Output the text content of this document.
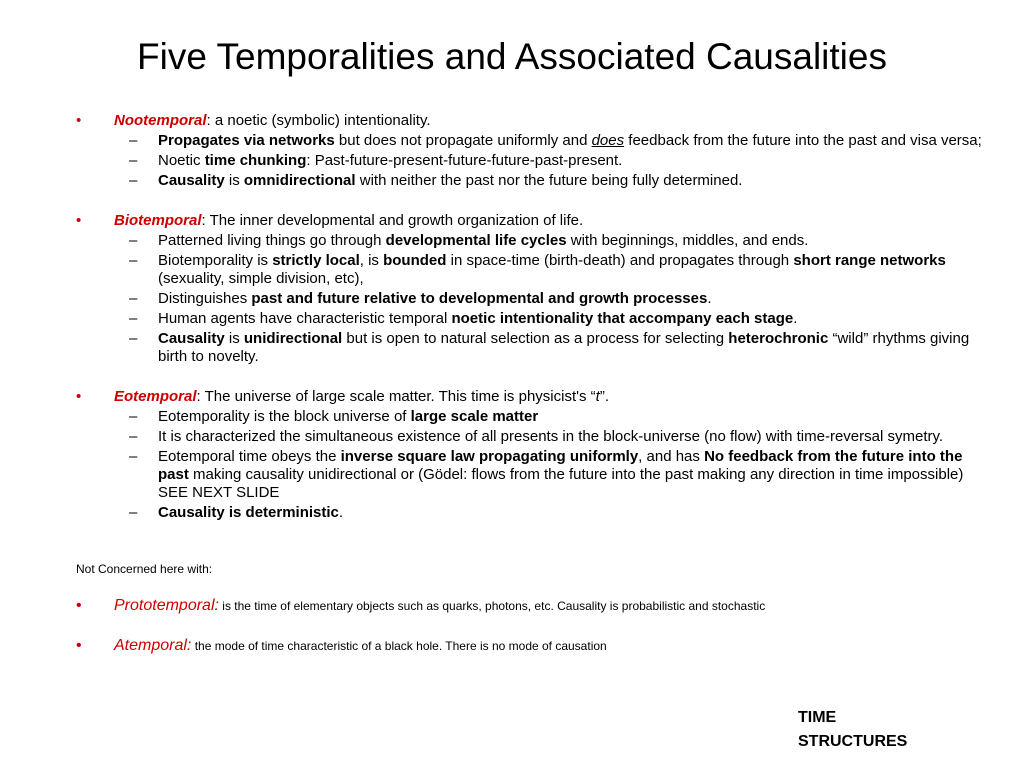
Five Temporalities and Associated Causalities
• Nootemporal: a noetic (symbolic) intentionality.
– Propagates via networks but does not propagate uniformly and does feedback from the future into the past and visa versa;
– Noetic time chunking: Past-future-present-future-future-past-present.
– Causality is omnidirectional with neither the past nor the future being fully determined.
• Biotemporal: The inner developmental and growth organization of life.
– Patterned living things go through developmental life cycles with beginnings, middles, and ends.
– Biotemporality is strictly local, is bounded in space-time (birth-death) and propagates through short range networks (sexuality, simple division, etc),
– Distinguishes past and future relative to developmental and growth processes.
– Human agents have characteristic temporal noetic intentionality that accompany each stage.
– Causality is unidirectional but is open to natural selection as a process for selecting heterochronic “wild” rhythms giving birth to novelty.
• Eotemporal: The universe of large scale matter. This time is physicist's “t”.
– Eotemporality is the block universe of large scale matter
– It is characterized the simultaneous existence of all presents in the block-universe (no flow) with time-reversal symetry.
– Eotemporal time obeys the inverse square law propagating uniformly, and has No feedback from the future into the past making causality unidirectional or (Gödel: flows from the future into the past making any direction in time impossible) SEE NEXT SLIDE
– Causality is deterministic.
Not Concerned here with:
• Prototemporal: is the time of elementary objects such as quarks, photons, etc. Causality is probabilistic and stochastic
• Atemporal: the mode of time characteristic of a black hole. There is no mode of causation
TIME
STRUCTURES
